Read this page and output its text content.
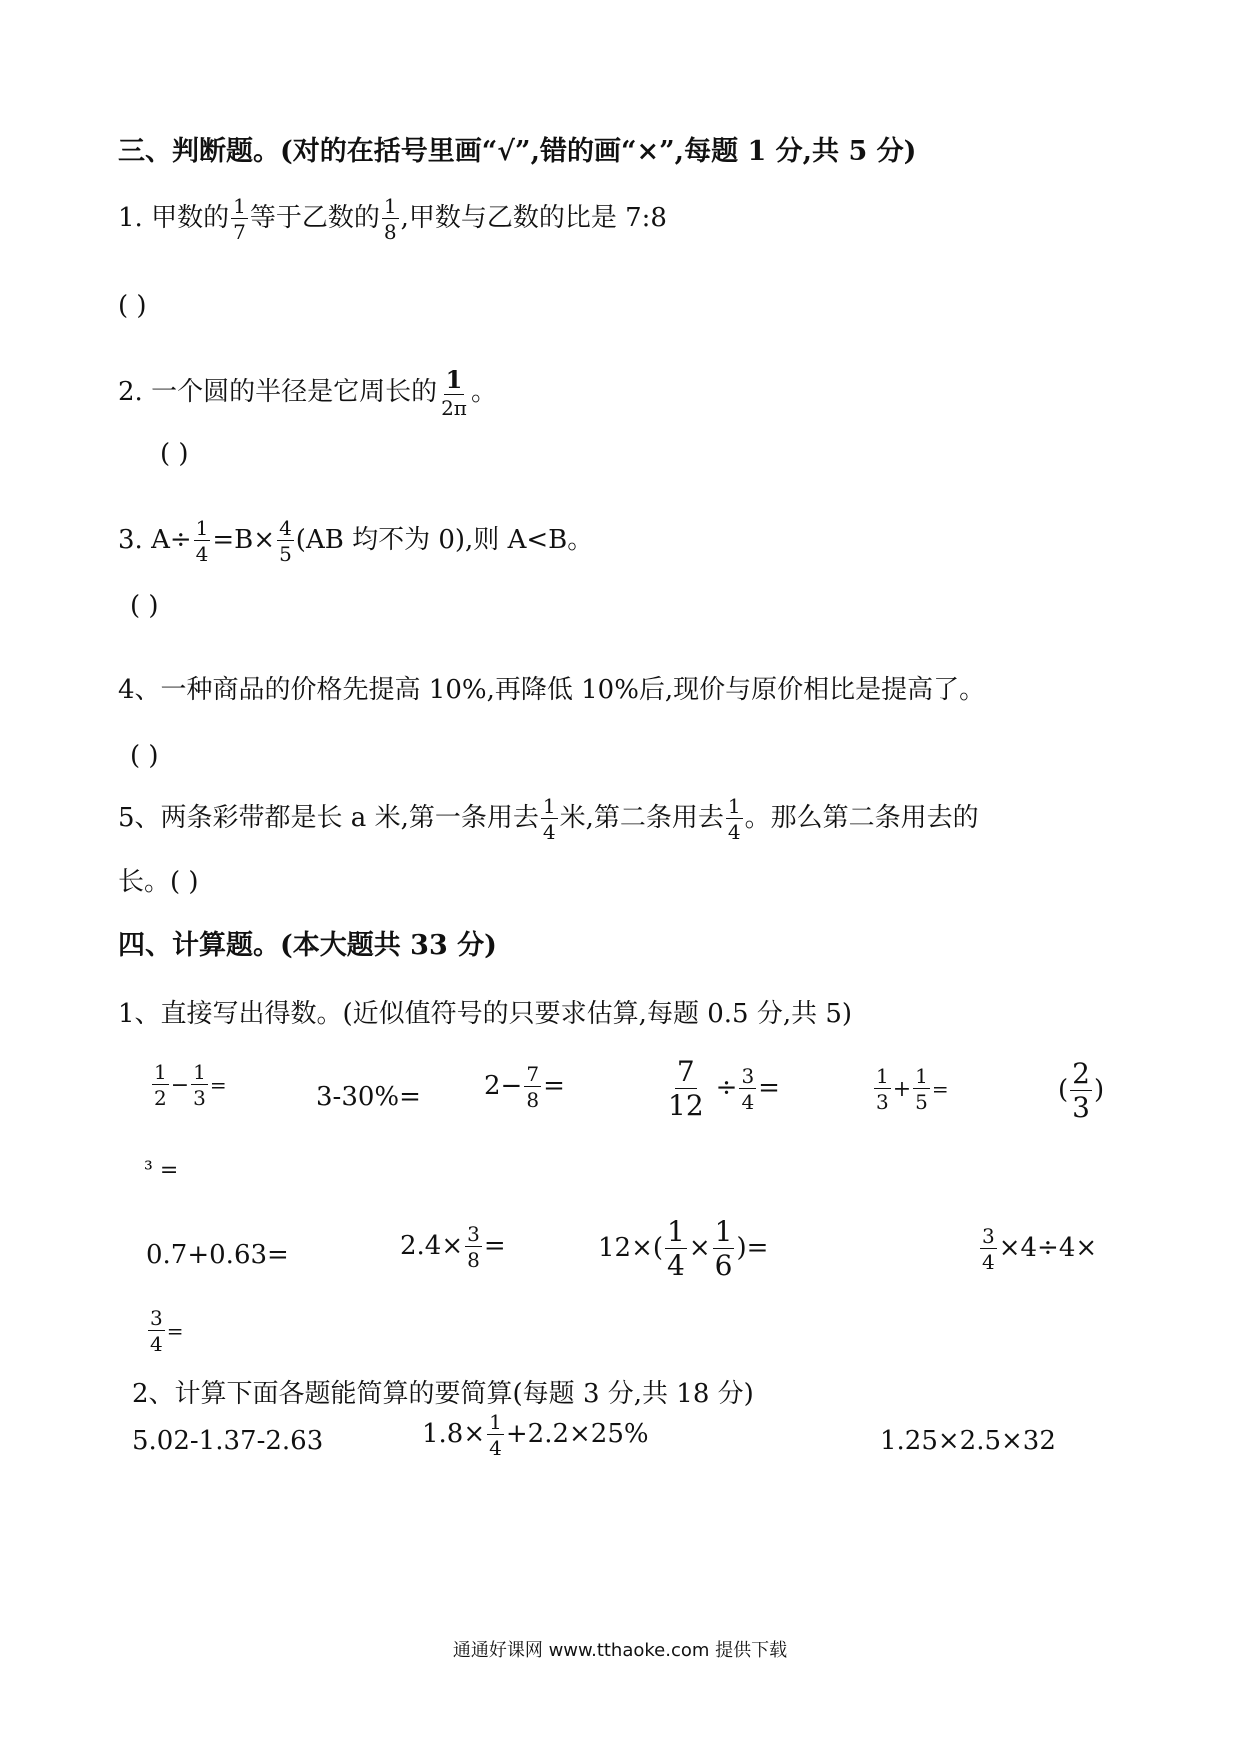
三、判断题。(对的在括号里画“√”,错的画“×”,每题 1 分,共 5 分)
1. 甲数的 $\frac{1}{7}$ 等于乙数的 $\frac{1}{8}$ ,甲数与乙数的比是 7:8
( )
2. 一个圆的半径是它周长的 $\frac{1}{2\pi}$ 。
( )
3. $A\div \frac{1}{4} =B\times \frac{4}{5} (AB$ 均不为 0),则 A<B。
( )
4、一种商品的价格先提高 10%,再降低 10%后,现价与原价相比是提高了。
( )
5、两条彩带都是长 a 米,第一条用去 $\frac{1}{4}$ 米,第二条用去 $\frac{1}{4}$ 。那么第二条用去的
长。( )
四、计算题。(本大题共 33 分)
1、直接写出得数。(近似值符号的只要求估算,每题 0.5 分,共 5)
$\frac{1}{2} - \frac{1}{3}$ =	$3-30\%= 2- \frac{7}{8}$ =	$\frac{7}{12} \div \frac{3}{4}$ =	$\frac{1}{3} + \frac{1}{5}$ =	( $\frac{2}{3}$ )
³ =
0.7+0.63=	$2.4\times \frac{3}{8}$ =	$12\times( \frac{1}{4} \times \frac{1}{6}$ )=	$\frac{3}{4} \times 4\div 4\times$
$\frac{3}{4}$ =
2、计算下面各题能简算的要简算(每题 3 分,共 18 分)
5.02-1.37-2.63	$1.8\times \frac{1}{4} +2.2\times 25\%$	1.25×2.5×32
通通好课网 www.tthaoke.com 提供下载
